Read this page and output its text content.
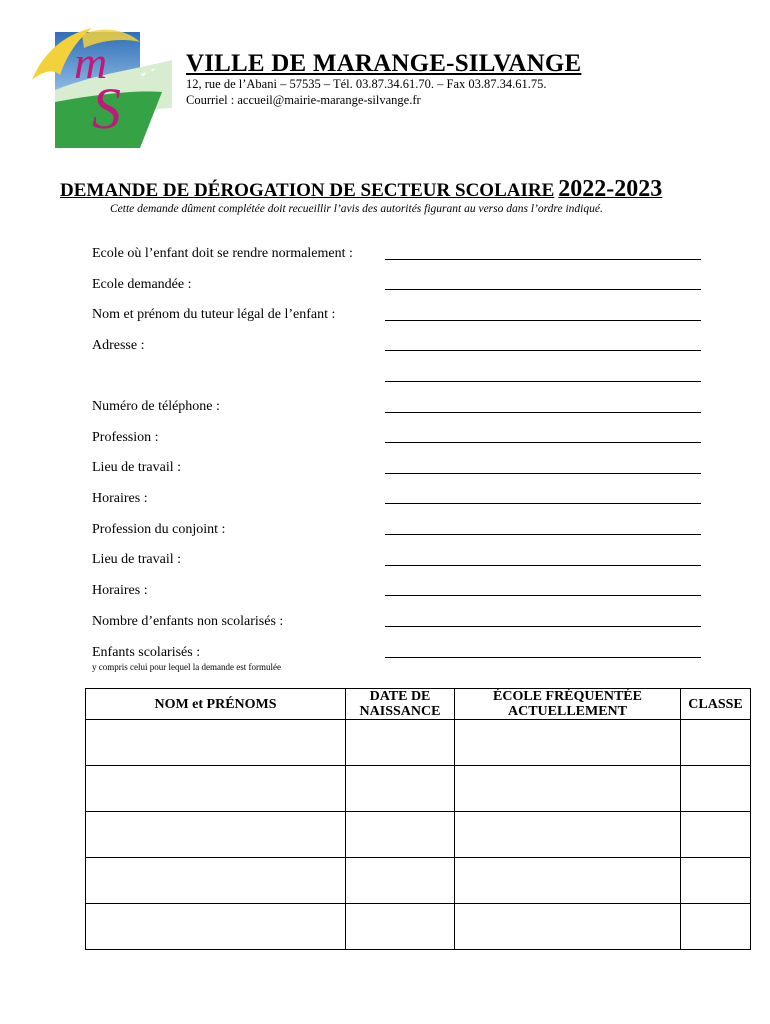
m
S
VILLE DE MARANGE-SILVANGE
12, rue de l’Abani – 57535 – Tél. 03.87.34.61.70. – Fax 03.87.34.61.75.
Courriel : accueil@mairie-marange-silvange.fr
DEMANDE DE DÉROGATION DE SECTEUR SCOLAIRE 2022-2023
Cette demande dûment complétée doit recueillir l’avis des autorités figurant au verso dans l’ordre indiqué.
Ecole où l’enfant doit se rendre normalement :
Ecole demandée :
Nom et prénom du tuteur légal de l’enfant :
Adresse :
Numéro de téléphone :
Profession :
Lieu de travail :
Horaires :
Profession du conjoint :
Lieu de travail :
Horaires :
Nombre d’enfants non scolarisés :
Enfants scolarisés :
y compris celui pour lequel la demande est formulée
NOM et PRÉNOMS	DATE DE NAISSANCE	ÉCOLE FRÉQUENTÉE ACTUELLEMENT	CLASSE
